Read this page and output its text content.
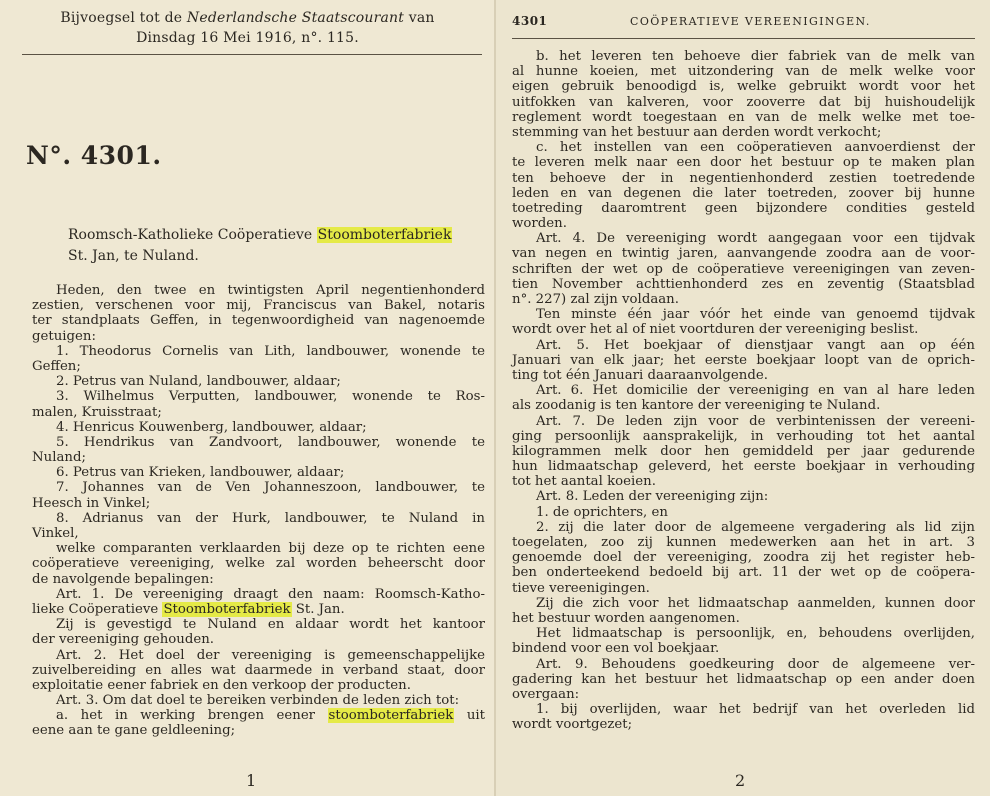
Bijvoegsel tot de Nederlandsche Staatscourant van
Dinsdag 16 Mei 1916, n°. 115.
N°. 4301.
Roomsch-Katholieke Coöperatieve Stoomboterfabriek
St. Jan, te Nuland.
Heden, den twee en twintigsten April negentienhonderd
zestien, verschenen voor mij, Franciscus van Bakel, notaris
ter standplaats Geffen, in tegenwoordigheid van nagenoemde
getuigen:
1. Theodorus Cornelis van Lith, landbouwer, wonende te
Geffen;
2. Petrus van Nuland, landbouwer, aldaar;
3. Wilhelmus Verputten, landbouwer, wonende te Ros-
malen, Kruisstraat;
4. Henricus Kouwenberg, landbouwer, aldaar;
5. Hendrikus van Zandvoort, landbouwer, wonende te
Nuland;
6. Petrus van Krieken, landbouwer, aldaar;
7. Johannes van de Ven Johanneszoon, landbouwer, te
Heesch in Vinkel;
8. Adrianus van der Hurk, landbouwer, te Nuland in
Vinkel,
welke comparanten verklaarden bij deze op te richten eene
coöperatieve vereeniging, welke zal worden beheerscht door
de navolgende bepalingen:
Art. 1. De vereeniging draagt den naam: Roomsch-Katho-
lieke Coöperatieve Stoomboterfabriek St. Jan.
Zij is gevestigd te Nuland en aldaar wordt het kantoor
der vereeniging gehouden.
Art. 2. Het doel der vereeniging is gemeenschappelijke
zuivelbereiding en alles wat daarmede in verband staat, door
exploitatie eener fabriek en den verkoop der producten.
Art. 3. Om dat doel te bereiken verbinden de leden zich tot:
a. het in werking brengen eener stoomboterfabriek uit
eene aan te gane geldleening;
1
4301	COÖPERATIEVE VEREENIGINGEN.
b. het leveren ten behoeve dier fabriek van de melk van
al hunne koeien, met uitzondering van de melk welke voor
eigen gebruik benoodigd is, welke gebruikt wordt voor het
uitfokken van kalveren, voor zooverre dat bij huishoudelijk
reglement wordt toegestaan en van de melk welke met toe-
stemming van het bestuur aan derden wordt verkocht;
c. het instellen van een coöperatieven aanvoerdienst der
te leveren melk naar een door het bestuur op te maken plan
ten behoeve der in negentienhonderd zestien toetredende
leden en van degenen die later toetreden, zoover bij hunne
toetreding daaromtrent geen bijzondere condities gesteld
worden.
Art. 4. De vereeniging wordt aangegaan voor een tijdvak
van negen en twintig jaren, aanvangende zoodra aan de voor-
schriften der wet op de coöperatieve vereenigingen van zeven-
tien November achttienhonderd zes en zeventig (Staatsblad
n°. 227) zal zijn voldaan.
Ten minste één jaar vóór het einde van genoemd tijdvak
wordt over het al of niet voortduren der vereeniging beslist.
Art. 5. Het boekjaar of dienstjaar vangt aan op één
Januari van elk jaar; het eerste boekjaar loopt van de oprich-
ting tot één Januari daaraanvolgende.
Art. 6. Het domicilie der vereeniging en van al hare leden
als zoodanig is ten kantore der vereeniging te Nuland.
Art. 7. De leden zijn voor de verbintenissen der vereeni-
ging persoonlijk aansprakelijk, in verhouding tot het aantal
kilogrammen melk door hen gemiddeld per jaar gedurende
hun lidmaatschap geleverd, het eerste boekjaar in verhouding
tot het aantal koeien.
Art. 8. Leden der vereeniging zijn:
1. de oprichters, en
2. zij die later door de algemeene vergadering als lid zijn
toegelaten, zoo zij kunnen medewerken aan het in art. 3
genoemde doel der vereeniging, zoodra zij het register heb-
ben onderteekend bedoeld bij art. 11 der wet op de coöpera-
tieve vereenigingen.
Zij die zich voor het lidmaatschap aanmelden, kunnen door
het bestuur worden aangenomen.
Het lidmaatschap is persoonlijk, en, behoudens overlijden,
bindend voor een vol boekjaar.
Art. 9. Behoudens goedkeuring door de algemeene ver-
gadering kan het bestuur het lidmaatschap op een ander doen
overgaan:
1. bij overlijden, waar het bedrijf van het overleden lid
wordt voortgezet;
2
